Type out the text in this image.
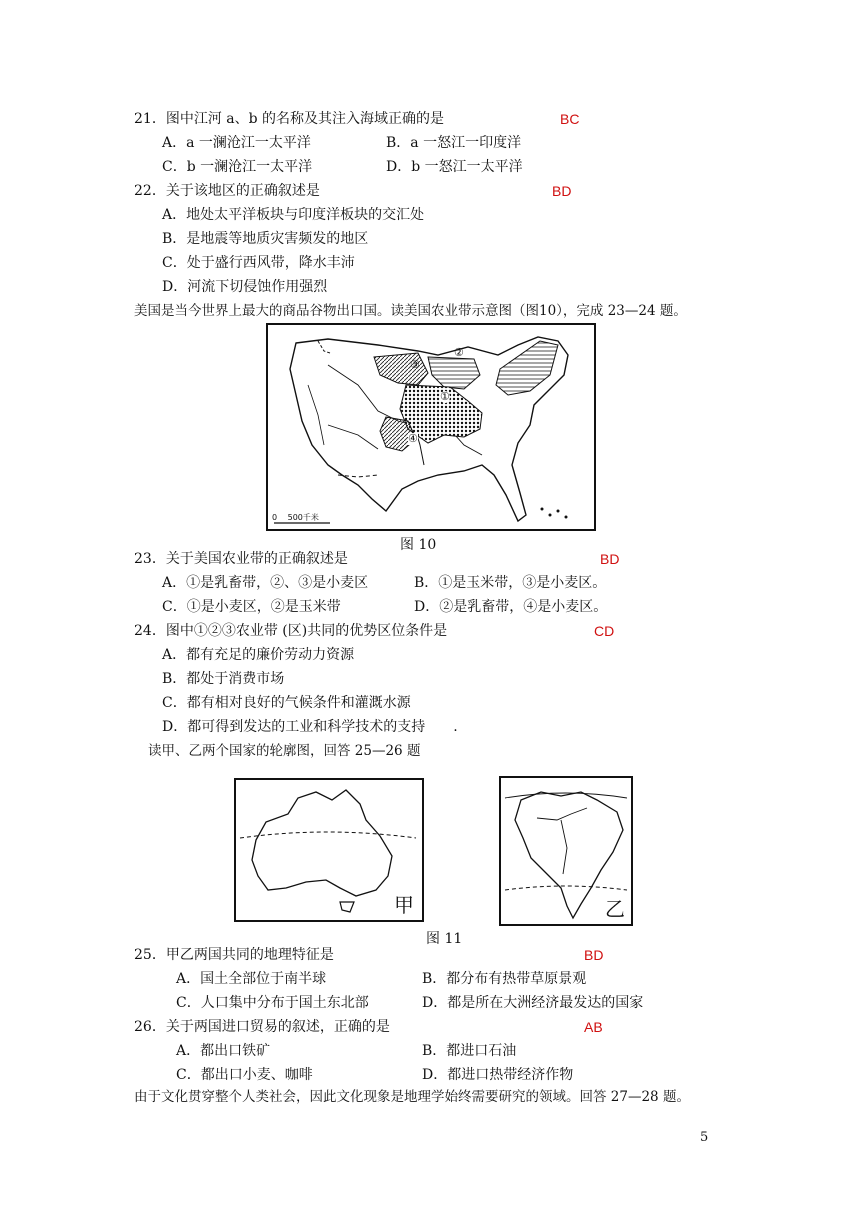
21．图中江河 a、b 的名称及其注入海域正确的是	BC
A．a 一澜沧江一太平洋	B．a 一怒江一印度洋
C．b 一澜沧江一太平洋	D．b 一怒江一太平洋
22．关于该地区的正确叙述是	BD
A．地处太平洋板块与印度洋板块的交汇处
B．是地震等地质灾害频发的地区
C．处于盛行西风带，降水丰沛
D．河流下切侵蚀作用强烈
美国是当今世界上最大的商品谷物出口国。读美国农业带示意图（图10），完成 23—24 题。
①
②
③
④
0　 500千米
图 10
23．关于美国农业带的正确叙述是	BD
A．①是乳畜带，②、③是小麦区	B．①是玉米带，③是小麦区。
C．①是小麦区，②是玉米带	D．②是乳畜带，④是小麦区。
24．图中①②③农业带 (区)共同的优势区位条件是	CD
A．都有充足的廉价劳动力资源
B．都处于消费市场
C．都有相对良好的气候条件和灌溉水源
D．都可得到发达的工业和科学技术的支持　　.
读甲、乙两个国家的轮廓图，回答 25—26 题
甲	乙
图 11
25．甲乙两国共同的地理特征是	BD
A．国土全部位于南半球	B．都分布有热带草原景观
C．人口集中分布于国土东北部	D．都是所在大洲经济最发达的国家
26．关于两国进口贸易的叙述，正确的是	AB
A．都出口铁矿	B．都进口石油
C．都出口小麦、咖啡	D．都进口热带经济作物
由于文化贯穿整个人类社会，因此文化现象是地理学始终需要研究的领域。回答 27—28 题。
5
